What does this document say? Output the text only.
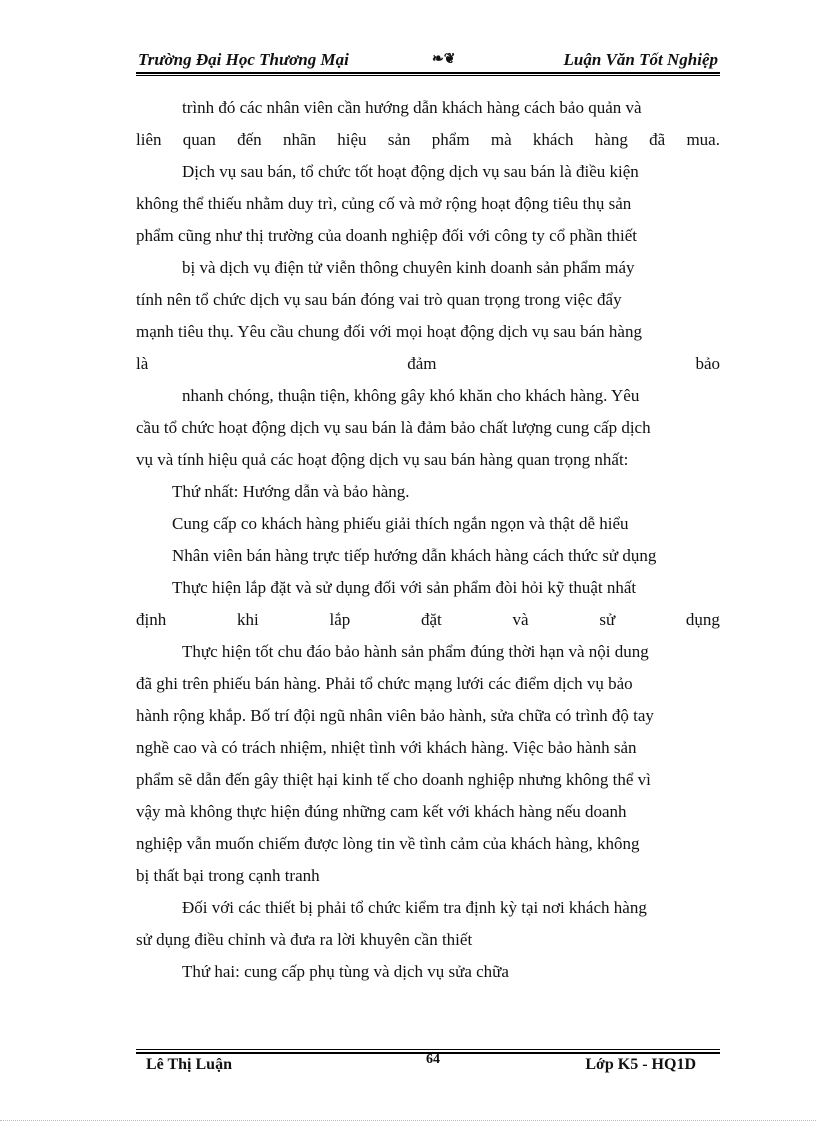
Trường Đại Học Thương Mại	❧❦	Luận Văn Tốt Nghiệp
trình đó các nhân viên cần hướng dẫn khách hàng cách bảo quản và
liên quan đến nhãn hiệu sản phẩm mà khách hàng đã mua.
Dịch vụ sau bán, tổ chức tốt hoạt động dịch vụ sau bán là điều kiện
không thể thiếu nhằm duy trì, củng cố và mở rộng hoạt động tiêu thụ sản
phẩm cũng như thị trường của doanh nghiệp đối với công ty cổ phần thiết
bị và dịch vụ điện tử viễn thông chuyên kinh doanh sản phẩm máy
tính nên tổ chức dịch vụ sau bán đóng vai trò quan trọng trong việc đẩy
mạnh tiêu thụ. Yêu cầu chung đối với mọi hoạt động dịch vụ sau bán hàng
là	đảm	bảo
nhanh chóng, thuận tiện, không gây khó khăn cho khách hàng. Yêu
cầu tổ chức hoạt động dịch vụ sau bán là đảm bảo chất lượng cung cấp dịch
vụ và tính hiệu quả các hoạt động dịch vụ sau bán hàng quan trọng nhất:
Thứ nhất: Hướng dẫn và bảo hàng.
Cung cấp co khách hàng phiếu giải thích ngắn ngọn và thật dễ hiểu
Nhân viên bán hàng trực tiếp hướng dẫn khách hàng cách thức sử dụng
Thực hiện lắp đặt và sử dụng đối với sản phẩm đòi hỏi kỹ thuật nhất
định	khi	lắp	đặt	và	sử	dụng
Thực hiện tốt chu đáo bảo hành sản phẩm đúng thời hạn và nội dung
đã ghi trên phiếu bán hàng. Phải tổ chức mạng lưới các điểm dịch vụ bảo
hành rộng khắp. Bố trí đội ngũ nhân viên bảo hành, sửa chữa có trình độ tay
nghề cao và có trách nhiệm, nhiệt tình với khách hàng. Việc bảo hành sản
phẩm sẽ dẫn đến gây thiệt hại kinh tế cho doanh nghiệp nhưng không thể vì
vậy mà không thực hiện đúng những cam kết với khách hàng nếu doanh
nghiệp vẫn muốn chiếm được lòng tin về tình cảm của khách hàng, không
bị thất bại trong cạnh tranh
Đối với các thiết bị phải tổ chức kiểm tra định kỳ tại nơi khách hàng
sử dụng điều chỉnh và đưa ra lời khuyên cần thiết
Thứ hai: cung cấp phụ tùng và dịch vụ sửa chữa
Lê Thị Luận	64	Lớp K5 - HQ1D
